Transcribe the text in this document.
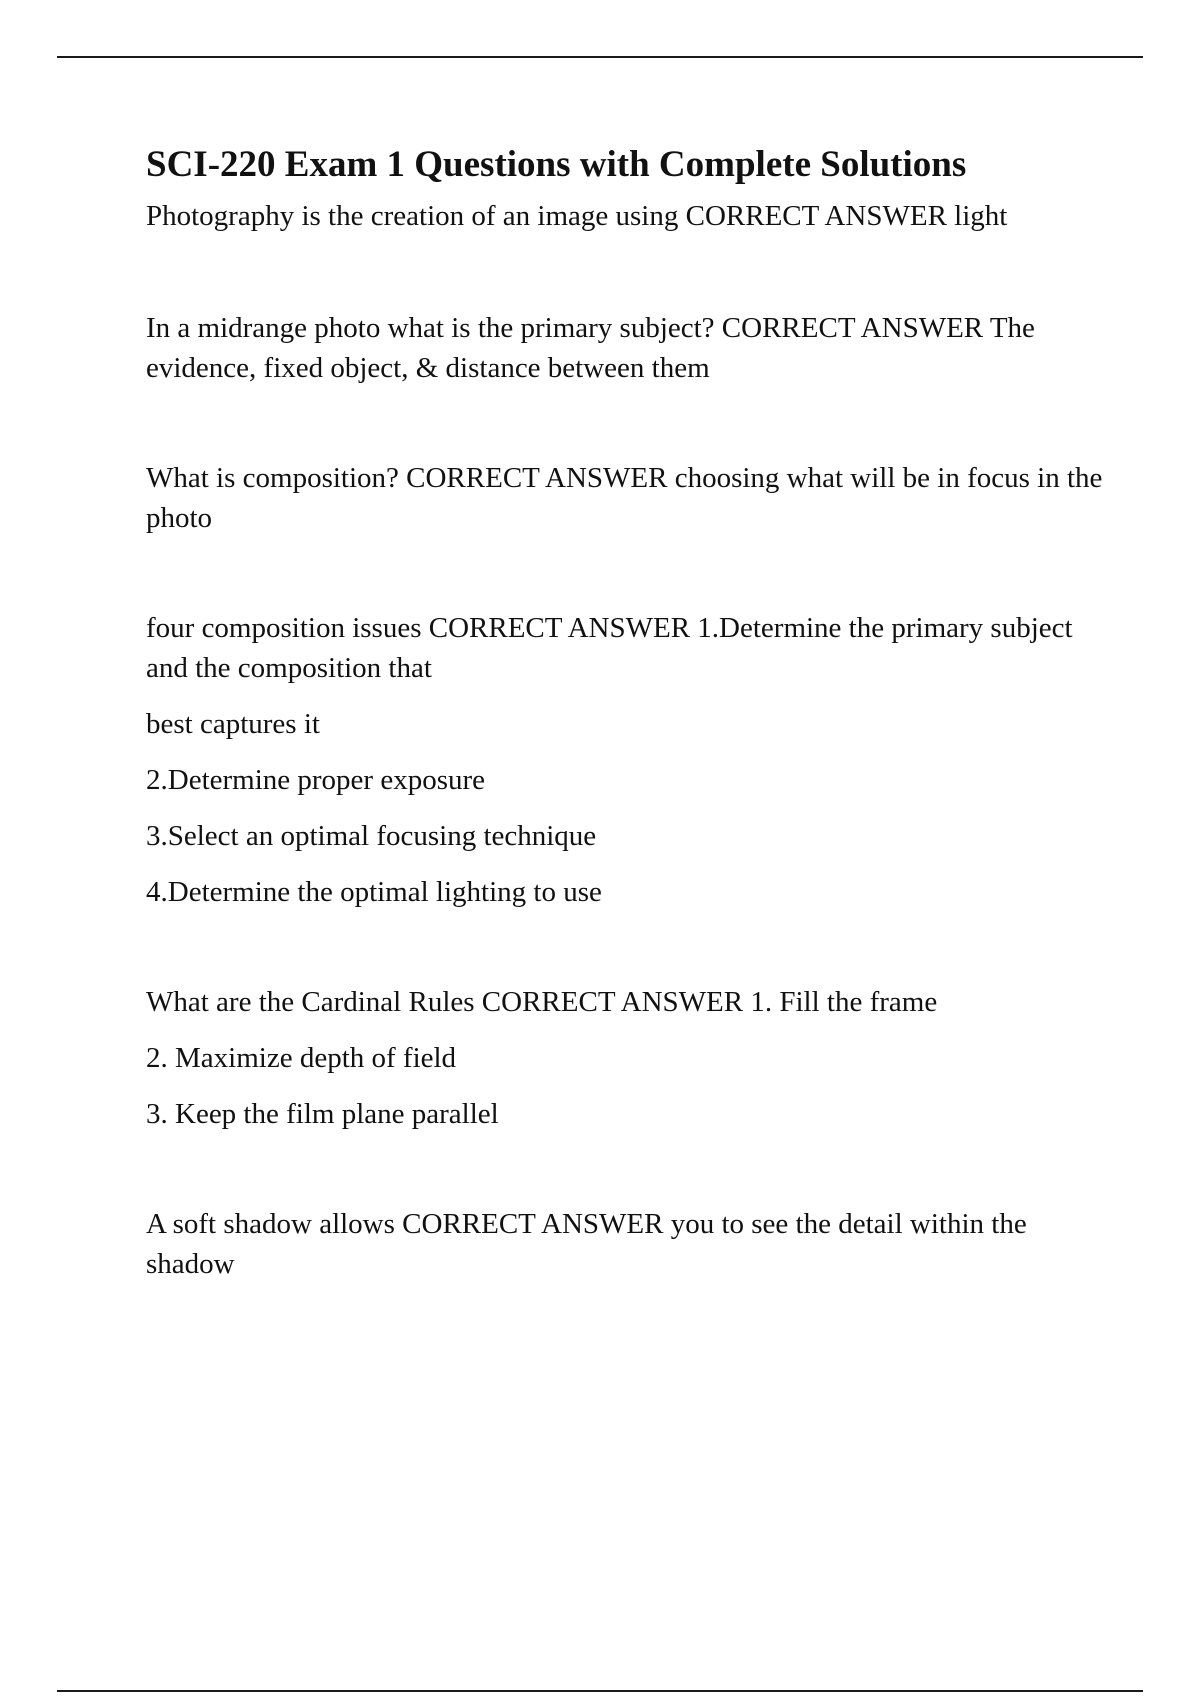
SCI-220 Exam 1 Questions with Complete Solutions

Photography is the creation of an image using CORRECT ANSWER light

In a midrange photo what is the primary subject? CORRECT ANSWER The evidence, fixed object, & distance between them

What is composition? CORRECT ANSWER choosing what will be in focus in the photo

four composition issues CORRECT ANSWER 1.Determine the primary subject and the composition that

best captures it

2.Determine proper exposure

3.Select an optimal focusing technique

4.Determine the optimal lighting to use

What are the Cardinal Rules CORRECT ANSWER 1. Fill the frame

2. Maximize depth of field

3. Keep the film plane parallel

A soft shadow allows CORRECT ANSWER you to see the detail within the shadow
